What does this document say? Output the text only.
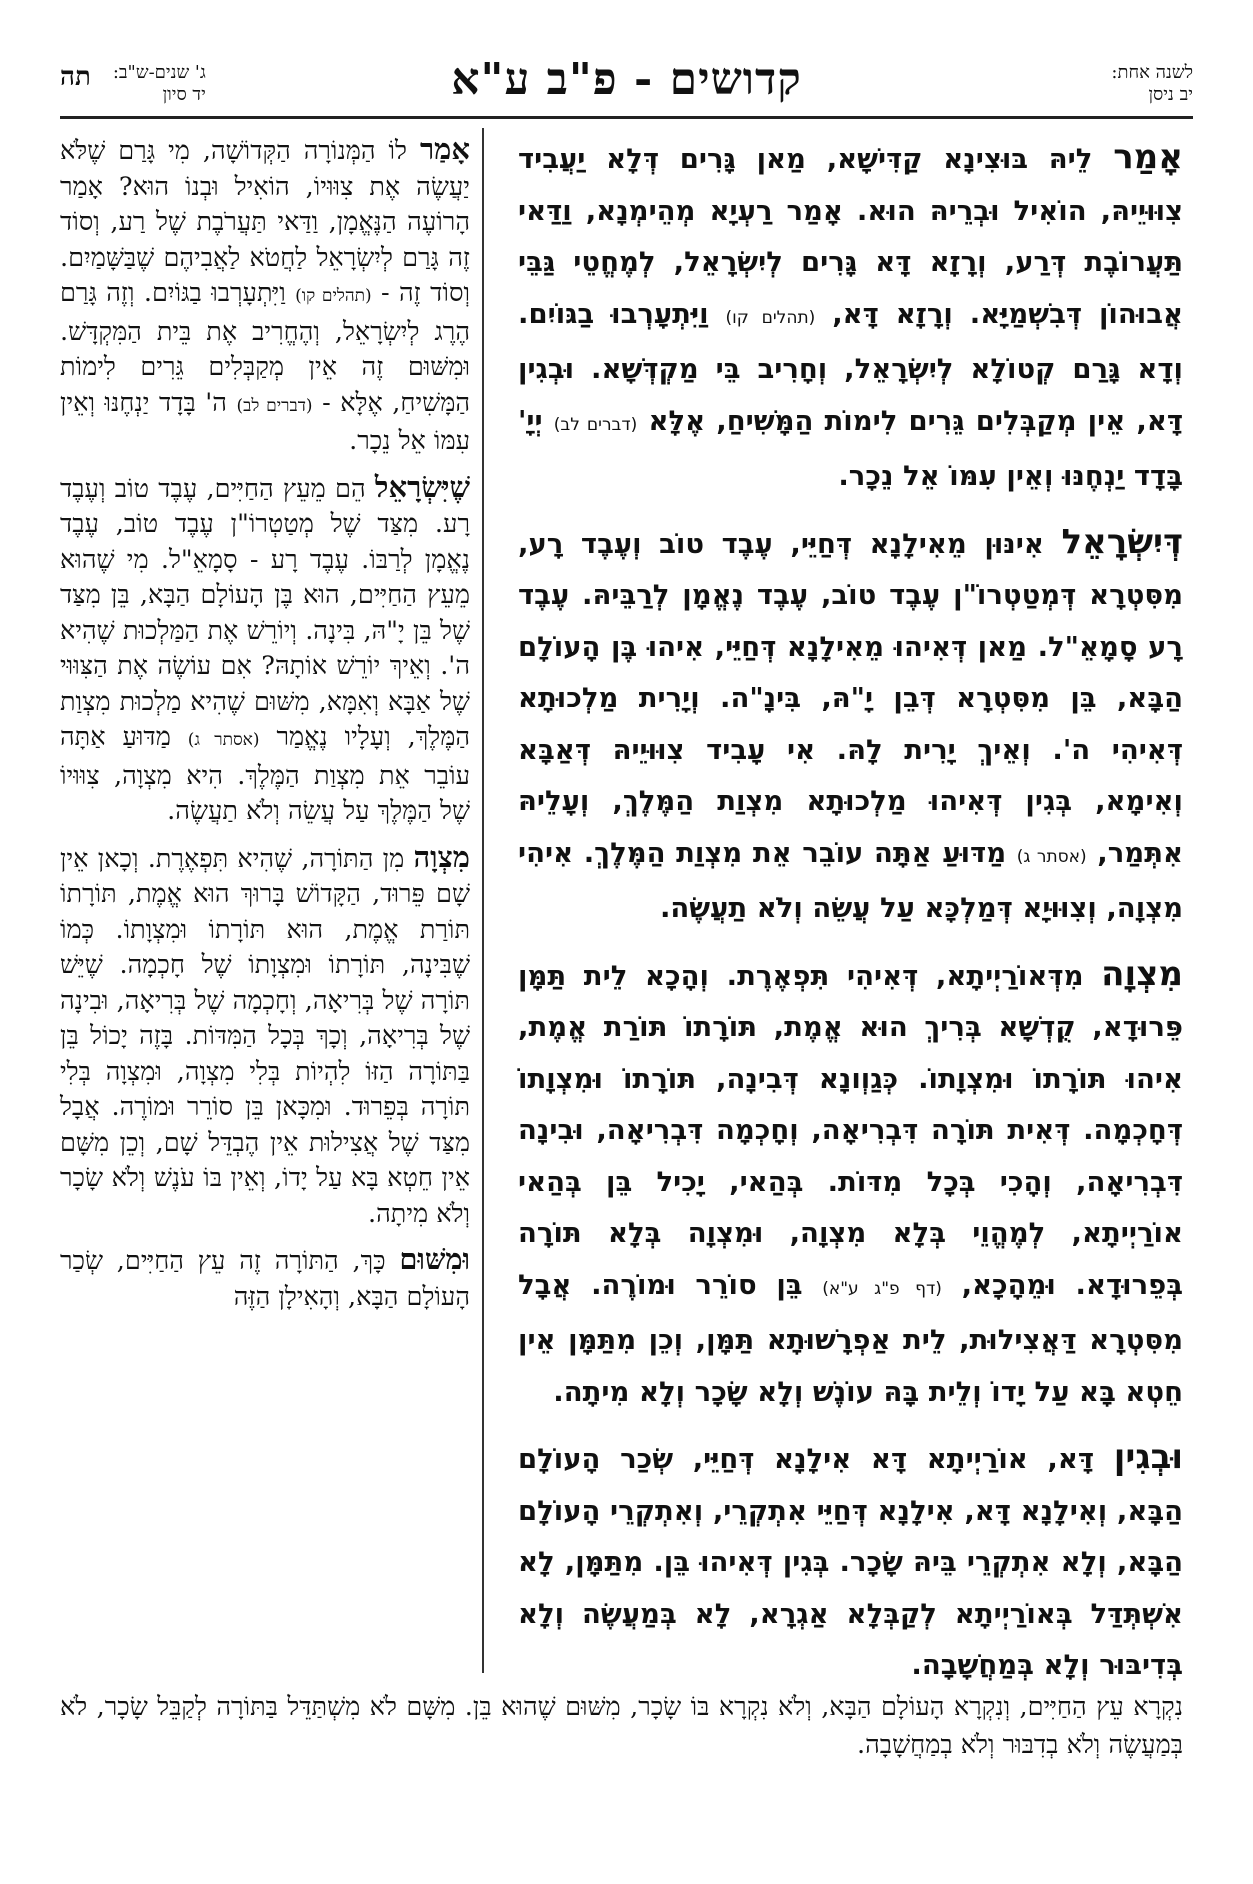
לשנה אחת:
יב ניסן
קדושים - פ"ב ע"א
תה ג' שנים-ש"ב:
יד סיון

אָמַר לֵיהּ בּוּצִינָא קַדִּישָׁא, מַאן גָּרִים דְּלָא יַעֲבִיד צִוּוּיֵיהּ, הוֹאִיל וּבְרֵיהּ הוּא. אָמַר רַעְיָא מְהֵימְנָא, וַדַּאי תַּעֲרוֹבֶת דְּרַע, וְרָזָא דָּא גָּרִים לְיִשְׂרָאֵל, לְמֶחֱטֵי גַּבֵּי אֲבוּהוֹן דְּבִשְׁמַיָּא. וְרָזָא דָּא, (תהלים קו) וַיִּתְעָרְבוּ בַגּוֹיִם. וְדָא גָּרַם קְטוֹלָא לְיִשְׂרָאֵל, וְחָרִיב בֵּי מַקְדְּשָׁא. וּבְגִין דָּא, אֵין מְקַבְּלִים גֵּרִים לִימוֹת הַמָּשִׁיחַ, אֶלָּא (דברים לב) יְיָ' בָּדָד יַנְחֶנּוּ וְאֵין עִמּוֹ אֵל נֵכָר.

דְּיִשְׂרָאֵל אִינּוּן מֵאִילָנָא דְּחַיֵּי, עֶבֶד טוֹב וְעֶבֶד רָע, מִסִּטְרָא דְּמְטַטְרוֹ"ן עֶבֶד טוֹב, עֶבֶד נֶאֱמָן לְרַבֵּיהּ. עֶבֶד רָע סָמָאֵ"ל. מַאן דְּאִיהוּ מֵאִילָנָא דְּחַיֵּי, אִיהוּ בֶּן הָעוֹלָם הַבָּא, בֵּן מִסִּטְרָא דְּבֵן יָ"הּ, בִּינָ"ה. וְיָרִית מַלְכוּתָא דְּאִיהִי ה'. וְאֵיךְ יָרִית לָהּ. אִי עָבִיד צִוּוּיֵיהּ דְּאַבָּא וְאִימָא, בְּגִין דְּאִיהוּ מַלְכוּתָא מִצְוַת הַמֶּלֶךְ, וְעָלֵיהּ אִתְּמַר, (אסתר ג) מַדּוּעַ אַתָּה עוֹבֵר אֵת מִצְוַת הַמֶּלֶךְ. אִיהִי מִצְוָה, וְצִוּוּיָא דְּמַלְכָּא עַל עֲשֵׂה וְלֹא תַעֲשֶׂה.

מִצְוָה מִדְּאוֹרַיְיתָא, דְּאִיהִי תִּפְאֶרֶת. וְהָכָא לֵית תַּמָּן פֵּרוּדָא, קֻדְשָׁא בְּרִיךְ הוּא אֱמֶת, תּוֹרָתוֹ תּוֹרַת אֱמֶת, אִיהוּ תּוֹרָתוֹ וּמִצְוָתוֹ. כְּגַוְונָא דְּבִינָה, תּוֹרָתוֹ וּמִצְוָתוֹ דְּחָכְמָה. דְּאִית תּוֹרָה דִּבְרִיאָה, וְחָכְמָה דִּבְרִיאָה, וּבִינָה דִּבְרִיאָה, וְהָכִי בְּכָל מִדּוֹת. בְּהַאי, יָכִיל בֵּן בְּהַאי אוֹרַיְיתָא, לְמֶהֱוֵי בְּלָא מִצְוָה, וּמִצְוָה בְּלָא תּוֹרָה בְּפֵרוּדָא. וּמֵהָכָא, (דף פ"ג ע"א) בֵּן סוֹרֵר וּמוֹרֶה. אֲבָל מִסִּטְרָא דַּאֲצִילוּת, לֵית אַפְרָשׁוּתָא תַּמָּן, וְכֵן מִתַּמָּן אֵין חֵטְא בָּא עַל יָדוֹ וְלֵית בָּהּ עוֹנֶשׁ וְלָא שָׂכָר וְלָא מִיתָה.

וּבְגִין דָּא, אוֹרַיְיתָא דָּא אִילָנָא דְּחַיֵּי, שְׂכַר הָעוֹלָם הַבָּא, וְאִילָנָא דָּא, אִילָנָא דְּחַיֵּי אִתְקְרֵי, וְאִתְקְרֵי הָעוֹלָם הַבָּא, וְלָא אִתְקְרֵי בֵּיהּ שָׂכָר. בְּגִין דְּאִיהוּ בֵּן. מִתַּמָּן, לָא אִשְׁתְּדַּל בְּאוֹרַיְיתָא לְקַבְּלָא אַגְרָא, לָא בְּמַעֲשֶׂה וְלָא בְּדִיבּוּר וְלָא בְּמַחֲשָׁבָה.

אָמַר לוֹ הַמְּנוֹרָה הַקְּדוֹשָׁה, מִי גָּרַם שֶׁלֹּא יַעֲשֶׂה אֶת צִוּוּיוֹ, הוֹאִיל וּבְנוֹ הוּא? אָמַר הָרוֹעֶה הַנֶּאֱמָן, וַדַּאי תַּעֲרֹבֶת שֶׁל רַע, וְסוֹד זֶה גָּרַם לְיִשְׂרָאֵל לַחֲטֹא לַאֲבִיהֶם שֶׁבַּשָּׁמַיִם. וְסוֹד זֶה - (תהלים קו) וַיִּתְעָרְבוּ בַגּוֹיִם. וְזֶה גָּרַם הֶרֶג לְיִשְׂרָאֵל, וְהֶחֱרִיב אֶת בֵּית הַמִּקְדָּשׁ. וּמִשּׁוּם זֶה אֵין מְקַבְּלִים גֵּרִים לִימוֹת הַמָּשִׁיחַ, אֶלָּא - (דברים לב) ה' בָּדָד יַנְחֶנּוּ וְאֵין עִמּוֹ אֵל נֵכָר.

שֶׁיִּשְׂרָאֵל הֵם מֵעֵץ הַחַיִּים, עֶבֶד טוֹב וְעֶבֶד רָע. מִצַּד שֶׁל מְטַטְרוֹ"ן עֶבֶד טוֹב, עֶבֶד נֶאֱמָן לְרַבּוֹ. עֶבֶד רָע - סָמָאֵ"ל. מִי שֶׁהוּא מֵעֵץ הַחַיִּים, הוּא בֶּן הָעוֹלָם הַבָּא, בֵּן מִצַּד שֶׁל בֵּן יָ"הּ, בִּינָה. וְיוֹרֵשׁ אֶת הַמַּלְכוּת שֶׁהִיא ה'. וְאֵיךְ יוֹרֵשׁ אוֹתָהּ? אִם עוֹשֶׂה אֶת הַצִּוּוּי שֶׁל אַבָּא וְאִמָּא, מִשּׁוּם שֶׁהִיא מַלְכוּת מִצְוַת הַמֶּלֶךְ, וְעָלָיו נֶאֱמַר (אסתר ג) מַדּוּעַ אַתָּה עוֹבֵר אֵת מִצְוַת הַמֶּלֶךְ. הִיא מִצְוָה, צִוּוּיוֹ שֶׁל הַמֶּלֶךְ עַל עֲשֵׂה וְלֹא תַעֲשֶׂה.

מִצְוָה מִן הַתּוֹרָה, שֶׁהִיא תִּפְאֶרֶת. וְכָאן אֵין שָׁם פֵּרוּד, הַקָּדוֹשׁ בָּרוּךְ הוּא אֱמֶת, תּוֹרָתוֹ תּוֹרַת אֱמֶת, הוּא תּוֹרָתוֹ וּמִצְוָתוֹ. כְּמוֹ שֶׁבִּינָה, תּוֹרָתוֹ וּמִצְוָתוֹ שֶׁל חָכְמָה. שֶׁיֵּשׁ תּוֹרָה שֶׁל בְּרִיאָה, וְחָכְמָה שֶׁל בְּרִיאָה, וּבִינָה שֶׁל בְּרִיאָה, וְכָךְ בְּכָל הַמִּדּוֹת. בָּזֶה יָכוֹל בֵּן בַּתּוֹרָה הַזּוֹ לִהְיוֹת בְּלִי מִצְוָה, וּמִצְוָה בְּלִי תּוֹרָה בְּפֵרוּד. וּמִכָּאן בֵּן סוֹרֵר וּמוֹרֶה. אֲבָל מִצַּד שֶׁל אֲצִילוּת אֵין הֶבְדֵּל שָׁם, וְכֵן מִשָּׁם אֵין חֵטְא בָּא עַל יָדוֹ, וְאֵין בּוֹ עֹנֶשׁ וְלֹא שָׂכָר וְלֹא מִיתָה.

וּמִשּׁוּם כָּךְ, הַתּוֹרָה זֶה עֵץ הַחַיִּים, שְׂכַר הָעוֹלָם הַבָּא, וְהָאִילָן הַזֶּה

נִקְרָא עֵץ הַחַיִּים, וְנִקְרָא הָעוֹלָם הַבָּא, וְלֹא נִקְרָא בּוֹ שָׂכָר, מִשּׁוּם שֶׁהוּא בֵּן. מִשָּׁם לֹא מִשְׁתַּדֵּל בַּתּוֹרָה לְקַבֵּל שָׂכָר, לֹא בְּמַעֲשֶׂה וְלֹא בְדִבּוּר וְלֹא בְמַחֲשָׁבָה.
